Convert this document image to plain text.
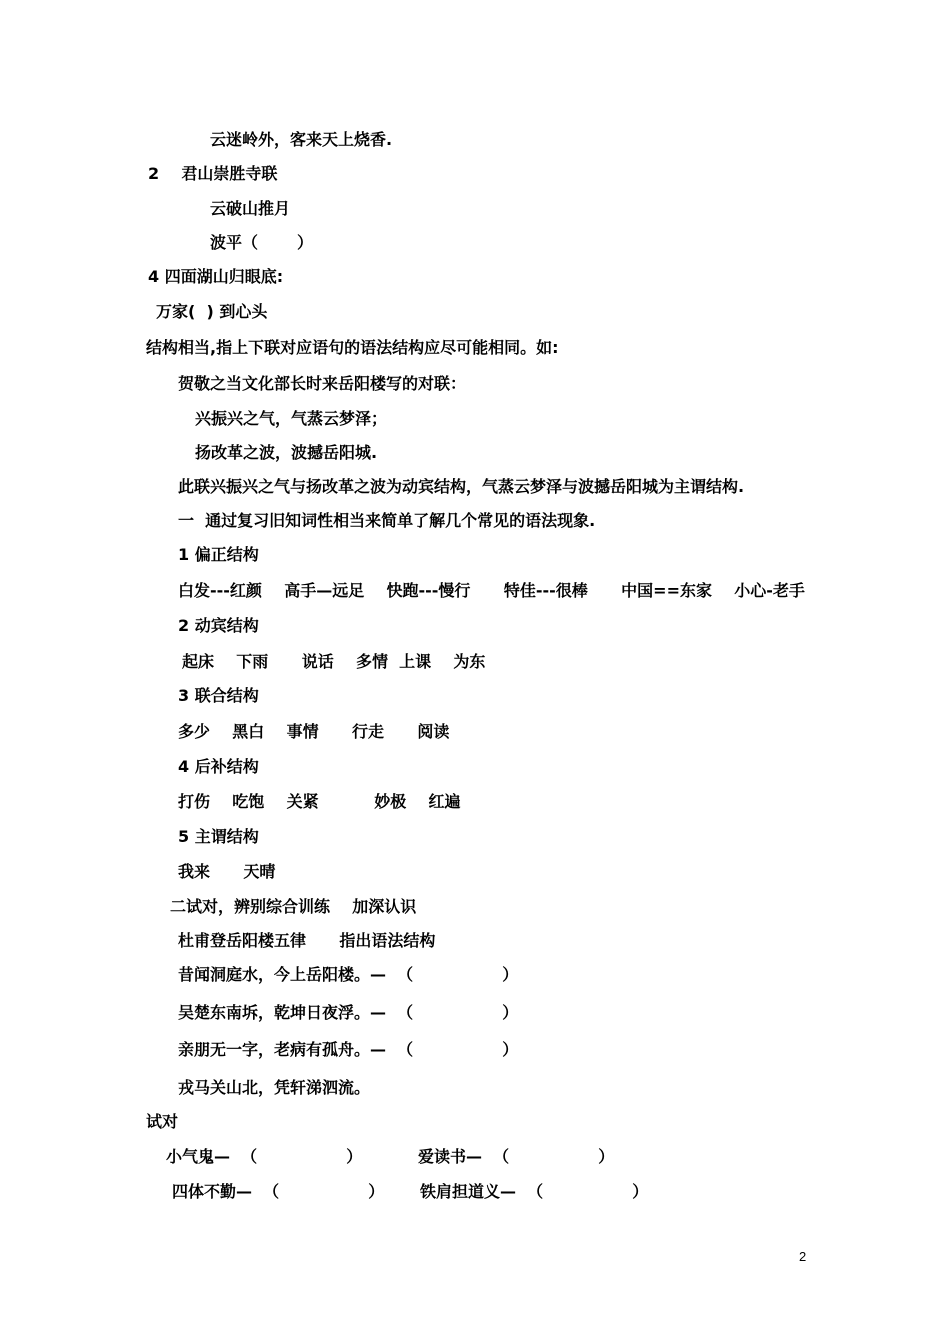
云迷岭外，客来天上烧香.
2    君山崇胜寺联
云破山推月
波平（       ）
4 四面湖山归眼底:
万家(  ) 到心头
结构相当,指上下联对应语句的语法结构应尽可能相同。如:
贺敬之当文化部长时来岳阳楼写的对联：
兴振兴之气，气蒸云梦泽；
扬改革之波，波撼岳阳城.
此联兴振兴之气与扬改革之波为动宾结构，气蒸云梦泽与波撼岳阳城为主谓结构.
一  通过复习旧知词性相当来简单了解几个常见的语法现象.
1 偏正结构
白发---红颜    高手—远足    快跑---慢行      特佳---很棒      中国==东家    小心-老手
2 动宾结构
起床    下雨      说话    多情  上课    为东
3 联合结构
多少    黑白    事情      行走      阅读
4 后补结构
打伤    吃饱    关紧          妙极    红遍
5 主谓结构
我来      天晴
二试对，辨别综合训练    加深认识
杜甫登岳阳楼五律      指出语法结构
昔闻洞庭水，今上岳阳楼。—  （                ）
吴楚东南坼，乾坤日夜浮。—  （                ）
亲朋无一字，老病有孤舟。—  （                ）
戎马关山北，凭轩涕泗流。
试对
小气鬼—  （                ）	爱读书—  （                ）
四体不勤—  （                ） 铁肩担道义—  （                ）
2
